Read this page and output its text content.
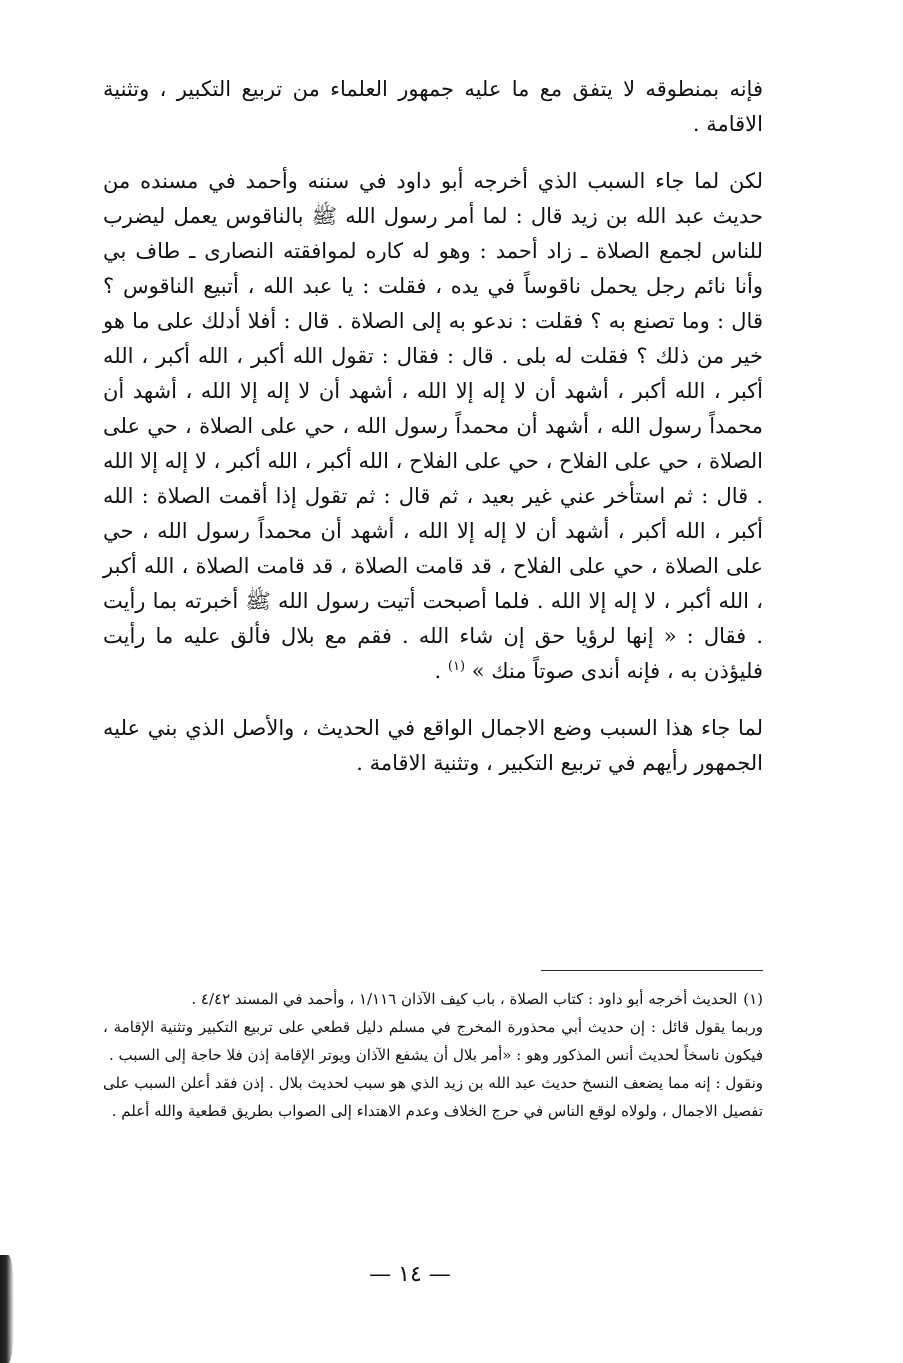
فإنه بمنطوقه لا يتفق مع ما عليه جمهور العلماء من تربيع التكبير ، وتثنية الاقامة .

لكن لما جاء السبب الذي أخرجه أبو داود في سننه وأحمد في مسنده من حديث عبد الله بن زيد قال : لما أمر رسول الله ﷺ بالناقوس يعمل ليضرب للناس لجمع الصلاة ـ زاد أحمد : وهو له كاره لموافقته النصارى ـ طاف بي وأنا نائم رجل يحمل ناقوساً في يده ، فقلت : يا عبد الله ، أتبيع الناقوس ؟ قال : وما تصنع به ؟ فقلت : ندعو به إلى الصلاة . قال : أفلا أدلك على ما هو خير من ذلك ؟ فقلت له بلى . قال : فقال : تقول الله أكبر ، الله أكبر ، الله أكبر ، الله أكبر ، أشهد أن لا إله إلا الله ، أشهد أن لا إله إلا الله ، أشهد أن محمداً رسول الله ، أشهد أن محمداً رسول الله ، حي على الصلاة ، حي على الصلاة ، حي على الفلاح ، حي على الفلاح ، الله أكبر ، الله أكبر ، لا إله إلا الله . قال : ثم استأخر عني غير بعيد ، ثم قال : ثم تقول إذا أقمت الصلاة : الله أكبر ، الله أكبر ، أشهد أن لا إله إلا الله ، أشهد أن محمداً رسول الله ، حي على الصلاة ، حي على الفلاح ، قد قامت الصلاة ، قد قامت الصلاة ، الله أكبر ، الله أكبر ، لا إله إلا الله . فلما أصبحت أتيت رسول الله ﷺ أخبرته بما رأيت . فقال : « إنها لرؤيا حق إن شاء الله . فقم مع بلال فألق عليه ما رأيت فليؤذن به ، فإنه أندى صوتاً منك » $^{(١)}$ .

لما جاء هذا السبب وضع الاجمال الواقع في الحديث ، والأصل الذي بني عليه الجمهور رأيهم في تربيع التكبير ، وتثنية الاقامة .

(١)الحديث أخرجه أبو داود : كتاب الصلاة ، باب كيف الآذان ١/١١٦ ، وأحمد في المسند ٤/٤٢ .

وربما يقول قائل : إن حديث أبي محذورة المخرج في مسلم دليل قطعي على تربيع التكبير وتثنية الإقامة ، فيكون ناسخاً لحديث أنس المذكور وهو : «أمر بلال أن يشفع الآذان ويوتر الإقامة إذن فلا حاجة إلى السبب .

ونقول : إنه مما يضعف النسخ حديث عبد الله بن زيد الذي هو سبب لحديث بلال . إذن فقد أعلن السبب على تفصيل الاجمال ، ولولاه لوقع الناس في حرج الخلاف وعدم الاهتداء إلى الصواب بطريق قطعية والله أعلم .

— ١٤ —
